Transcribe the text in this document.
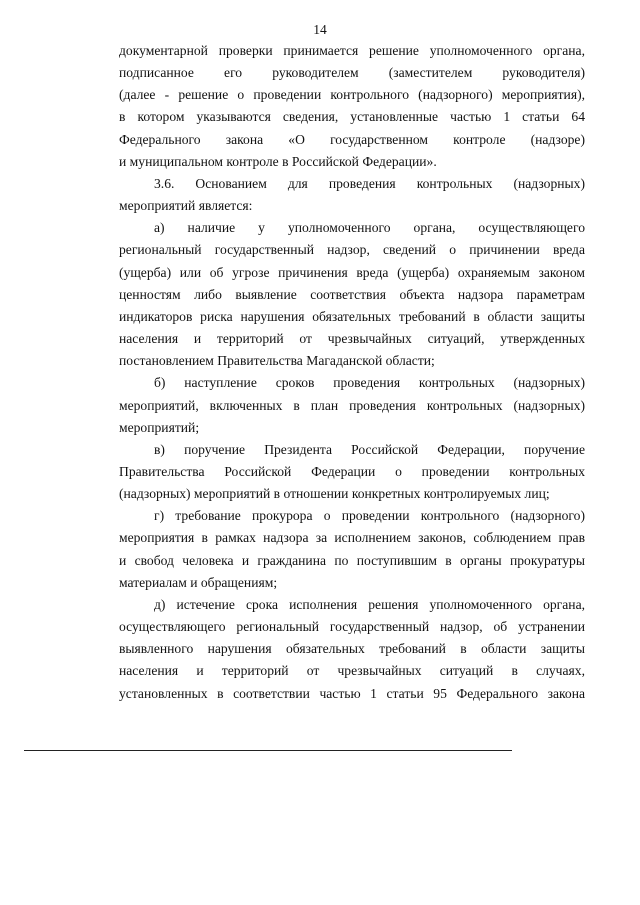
14

документарной проверки принимается решение уполномоченного органа,

подписанное его руководителем (заместителем руководителя)

(далее - решение о проведении контрольного (надзорного) мероприятия),

в котором указываются сведения, установленные частью 1 статьи 64

Федерального закона «О государственном контроле (надзоре)

и муниципальном контроле в Российской Федерации».

3.6. Основанием для проведения контрольных (надзорных)

мероприятий является:

а) наличие у уполномоченного органа, осуществляющего

региональный государственный надзор, сведений о причинении вреда

(ущерба) или об угрозе причинения вреда (ущерба) охраняемым законом

ценностям либо выявление соответствия объекта надзора параметрам

индикаторов риска нарушения обязательных требований в области защиты

населения и территорий от чрезвычайных ситуаций, утвержденных

постановлением Правительства Магаданской области;

б) наступление сроков проведения контрольных (надзорных)

мероприятий, включенных в план проведения контрольных (надзорных)

мероприятий;

в) поручение Президента Российской Федерации, поручение

Правительства Российской Федерации о проведении контрольных

(надзорных) мероприятий в отношении конкретных контролируемых лиц;

г) требование прокурора о проведении контрольного (надзорного)

мероприятия в рамках надзора за исполнением законов, соблюдением прав

и свобод человека и гражданина по поступившим в органы прокуратуры

материалам и обращениям;

д) истечение срока исполнения решения уполномоченного органа,

осуществляющего региональный государственный надзор, об устранении

выявленного нарушения обязательных требований в области защиты

населения и территорий от чрезвычайных ситуаций в случаях,

установленных в соответствии частью 1 статьи 95 Федерального закона
